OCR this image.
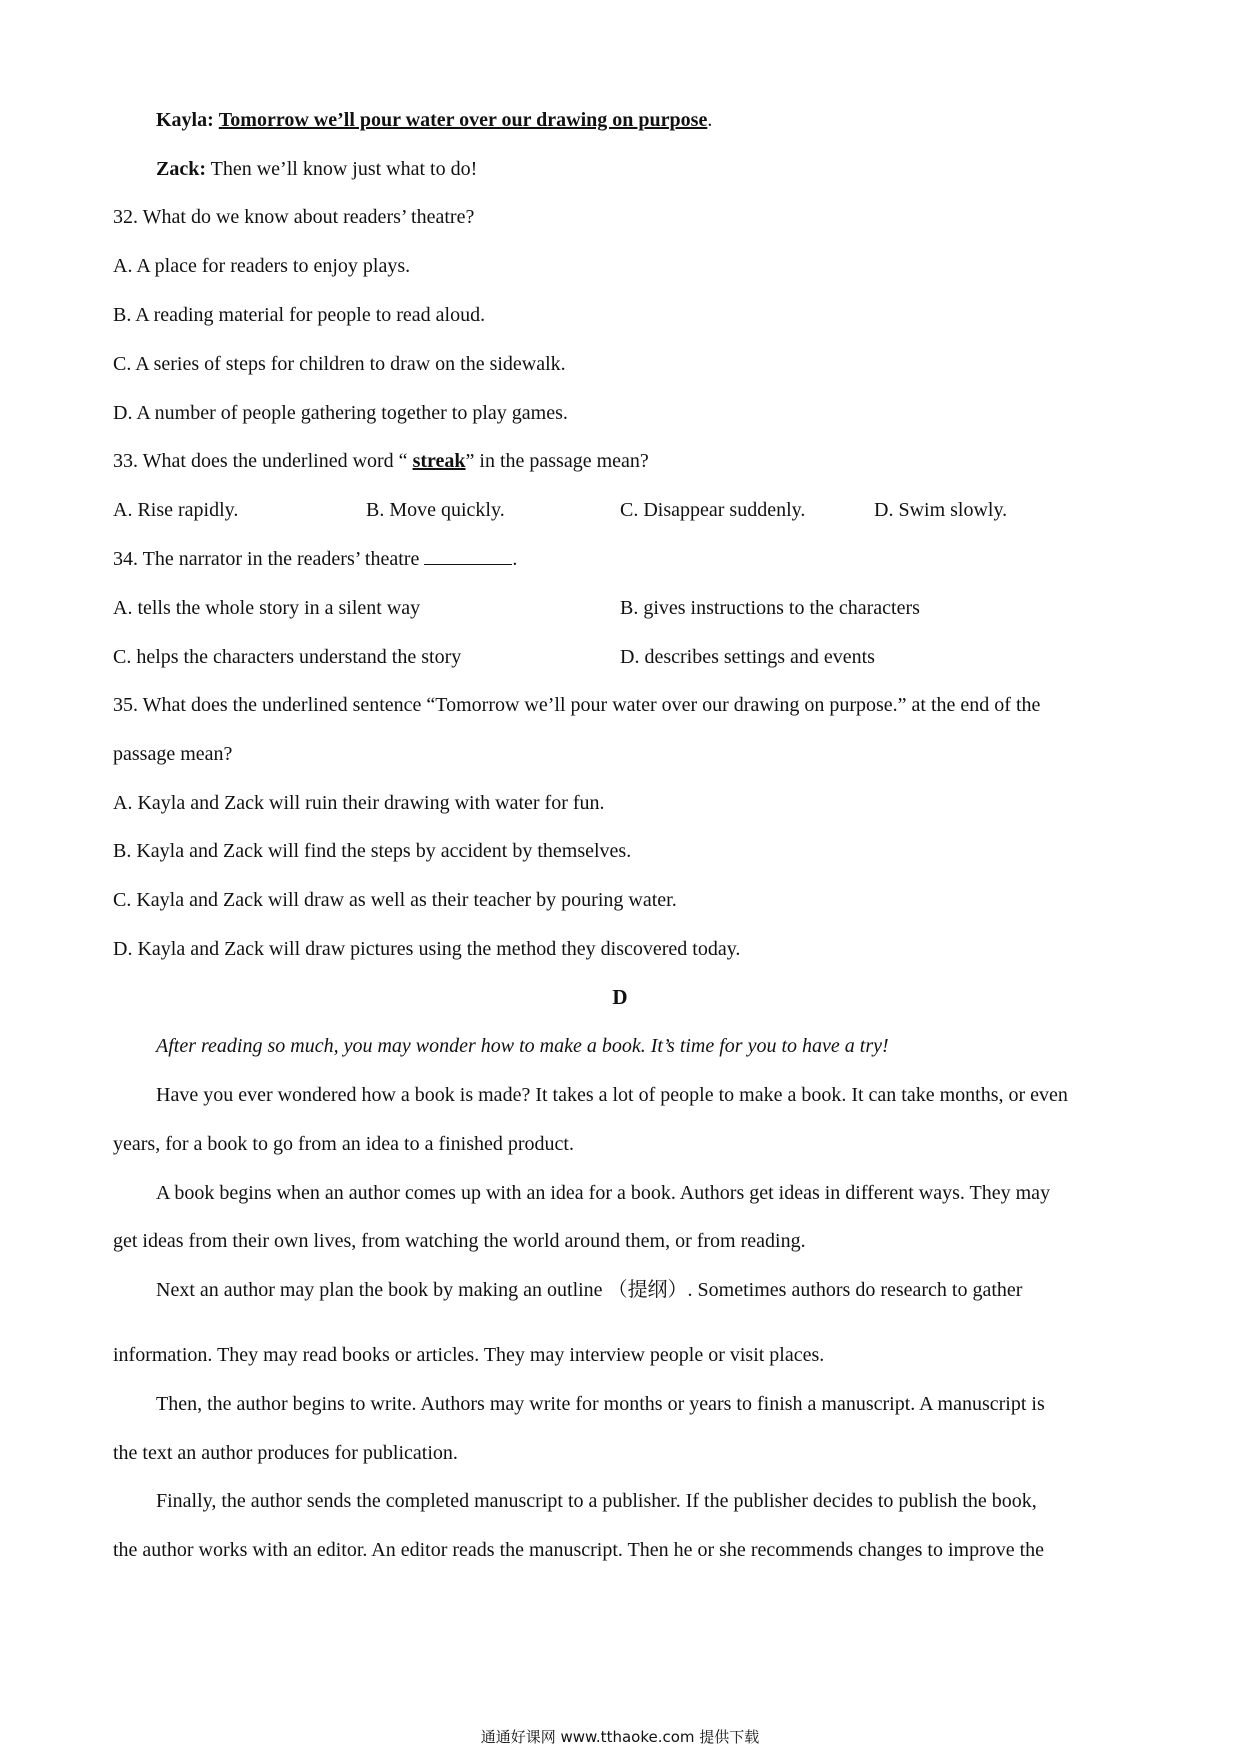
Kayla: Tomorrow we’ll pour water over our drawing on purpose.
Zack: Then we’ll know just what to do!
32. What do we know about readers’ theatre?
A. A place for readers to enjoy plays.
B. A reading material for people to read aloud.
C. A series of steps for children to draw on the sidewalk.
D. A number of people gathering together to play games.
33. What does the underlined word “ streak” in the passage mean?
A. Rise rapidly.	B. Move quickly.	C. Disappear suddenly.	D. Swim slowly.
34. The narrator in the readers’ theatre	.
A. tells the whole story in a silent way	B. gives instructions to the characters
C. helps the characters understand the story	D. describes settings and events
35. What does the underlined sentence “Tomorrow we’ll pour water over our drawing on purpose.” at the end of the
passage mean?
A. Kayla and Zack will ruin their drawing with water for fun.
B. Kayla and Zack will find the steps by accident by themselves.
C. Kayla and Zack will draw as well as their teacher by pouring water.
D. Kayla and Zack will draw pictures using the method they discovered today.
D
After reading so much, you may wonder how to make a book. It’s time for you to have a try!
Have you ever wondered how a book is made? It takes a lot of people to make a book. It can take months, or even
years, for a book to go from an idea to a finished product.
A book begins when an author comes up with an idea for a book. Authors get ideas in different ways. They may
get ideas from their own lives, from watching the world around them, or from reading.
Next an author may plan the book by making an outline （提纲）. Sometimes authors do research to gather
information. They may read books or articles. They may interview people or visit places.
Then, the author begins to write. Authors may write for months or years to finish a manuscript. A manuscript is
the text an author produces for publication.
Finally, the author sends the completed manuscript to a publisher. If the publisher decides to publish the book,
the author works with an editor. An editor reads the manuscript. Then he or she recommends changes to improve the
通通好课网 www.tthaoke.com 提供下载
